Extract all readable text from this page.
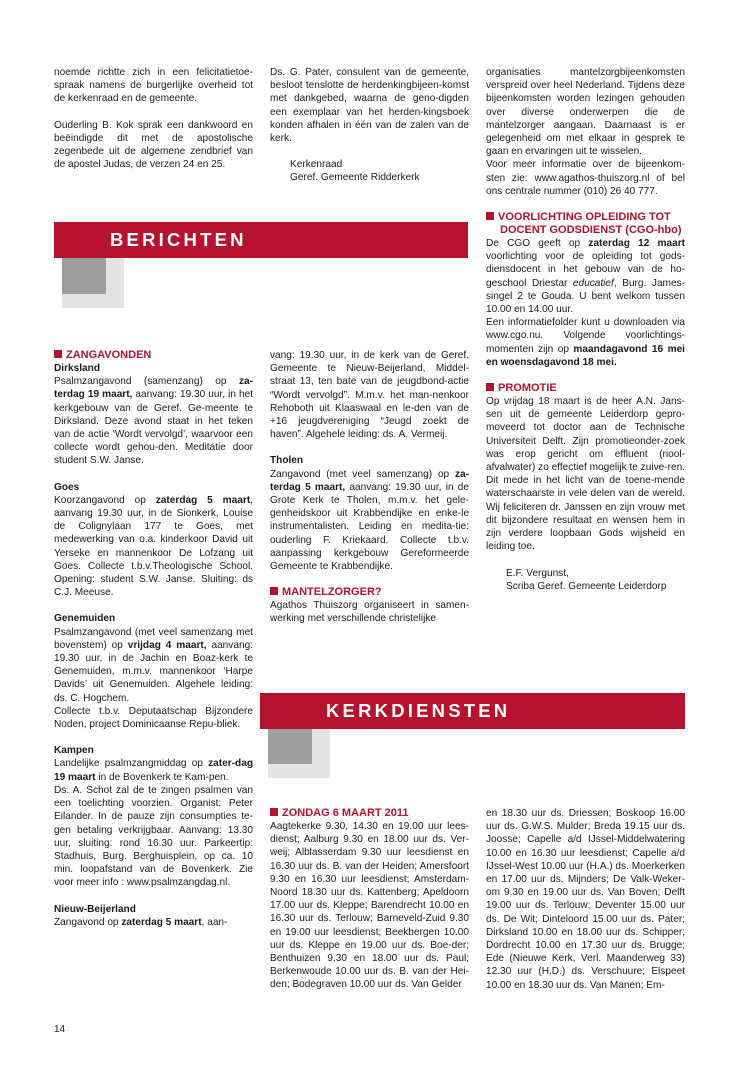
noemde richtte zich in een felicitatietoe-spraak namens de burgerlijke overheid tot de kerkenraad en de gemeente.

Ouderling B. Kok sprak een dankwoord en beëindigde dit met de apostolische zegenbede uit de algemene zendbrief van de apostel Judas, de verzen 24 en 25.

Ds. G. Pater, consulent van de gemeente, besloot tenslotte de herdenkingbijeen-komst met dankgebed, waarna de geno-digden een exemplaar van het herden-kingsboek konden afhalen in één van de zalen van de kerk.

Kerkenraad

Geref. Gemeente Ridderkerk

organisaties mantelzorgbijeenkomsten verspreid over heel Nederland. Tijdens deze bijeenkomsten worden lezingen gehouden over diverse onderwerpen die de mantelzorger aangaan. Daarnaast is er gelegenheid om met elkaar in gesprek te gaan en ervaringen uit te wisselen.

Voor meer informatie over de bijeenkom-sten zie: www.agathos-thuiszorg.nl of bel ons centrale nummer (010) 26 40 777.

VOORLICHTING OPLEIDING TOT DOCENT GODSDIENST (CGO-hbo)

De CGO geeft op zaterdag 12 maart voorlichting voor de opleiding tot gods-diensdocent in het gebouw van de ho-geschool Driestar educatief, Burg. James-singel 2 te Gouda. U bent welkom tussen 10.00 en 14.00 uur.

Een informatiefolder kunt u downloaden via www.cgo.nu. Volgende voorlichtings-momenten zijn op maandagavond 16 mei en woensdagavond 18 mei.

PROMOTIE

Op vrijdag 18 maart is de heer A.N. Jans-sen uit de gemeente Leiderdorp gepro-moveerd tot doctor aan de Technische Universiteit Delft. Zijn promotieonder-zoek was erop gericht om effluent (riool-afvalwater) zo effectief mogelijk te zuive-ren. Dit mede in het licht van de toene-mende waterschaarste in vele delen van de wereld. Wij feliciteren dr. Janssen en zijn vrouw met dit bijzondere resultaat en wensen hem in zijn verdere loopbaan Gods wijsheid en leiding toe.

E.F. Vergunst,

Scriba Geref. Gemeente Leiderdorp

BERICHTEN

ZANGAVONDEN

Dirksland

Psalmzangavond (samenzang) op za-terdag 19 maart, aanvang: 19.30 uur, in het kerkgebouw van de Geref. Ge-meente te Dirksland. Deze avond staat in het teken van de actie ‘Wordt vervolgd’, waarvoor een collecte wordt gehou-den. Meditatie door student S.W. Janse.

Goes

Koorzangavond op zaterdag 5 maart, aanvang 19.30 uur, in de Sionkerk, Louise de Colignylaan 177 te Goes, met medewerking van o.a. kinderkoor David uit Yerseke en mannenkoor De Lofzang uit Goes. Collecte t.b.v.Theologische School. Opening: student S.W. Janse. Sluiting: ds C.J. Meeuse.

Genemuiden

Psalmzangavond (met veel samenzang met bovenstem) op vrijdag 4 maart, aanvang: 19.30 uur, in de Jachin en Boaz-kerk te Genemuiden, m.m.v. mannenkoor ‘Harpe Davids’ uit Genemuiden. Algehele leiding: ds. C. Hogchem.

Collecte t.b.v. Deputaatschap Bijzondere Noden, project Dominicaanse Repu-bliek.

Kampen

Landelijke psalmzangmiddag op zater-dag 19 maart in de Bovenkerk te Kam-pen.

Ds. A. Schot zal de te zingen psalmen van een toelichting voorzien. Organist: Peter Eilander. In de pauze zijn consumpties te-gen betaling verkrijgbaar. Aanvang: 13.30 uur, sluiting: rond 16.30 uur. Parkeertip: Stadhuis, Burg. Berghuisplein, op ca. 10 min. loopafstand van de Bovenkerk. Zie voor meer info : www.psalmzangdag.nl.

Nieuw-Beijerland

Zangavond op zaterdag 5 maart, aan-

vang: 19.30 uur, in de kerk van de Geref. Gemeente te Nieuw-Beijerland, Middel-straat 13, ten bate van de jeugdbond-actie “Wordt vervolgd”. M.m.v. het man-nenkoor Rehoboth uit Klaaswaal en le-den van de +16 jeugdvereniging “Jeugd zoekt de haven”. Algehele leiding: ds. A. Vermeij.

Tholen

Zangavond (met veel samenzang) op za-terdag 5 maart, aanvang: 19.30 uur, in de Grote Kerk te Tholen, m.m.v. het gele-genheidskoor uit Krabbendijke en enke-le instrumentalisten. Leiding en medita-tie: ouderling F. Kriekaard. Collecte t.b.v. aanpassing kerkgebouw Gereformeerde Gemeente te Krabbendijke.

MANTELZORGER?

Agathos Thuiszorg organiseert in samen-werking met verschillende christelijke

KERKDIENSTEN

ZONDAG 6 MAART 2011

Aagtekerke 9.30, 14.30 en 19.00 uur lees-dienst; Aalburg 9.30 en 18.00 uur ds. Ver-weij; Alblasserdam 9.30 uur leesdienst en 16.30 uur ds. B. van der Heiden; Amersfoort 9.30 en 16.30 uur leesdienst; Amsterdam-Noord 18.30 uur ds. Kattenberg; Apeldoorn 17.00 uur ds. Kleppe; Barendrecht 10.00 en 16.30 uur ds. Terlouw; Barneveld-Zuid 9.30 en 19.00 uur leesdienst; Beekbergen 10.00 uur ds. Kleppe en 19.00 uur ds. Boe-der; Benthuizen 9.30 en 18.00 uur ds. Paul; Berkenwoude 10.00 uur ds. B. van der Hei-den; Bodegraven 10.00 uur ds. Van Gelder

en 18.30 uur ds. Driessen; Boskoop 16.00 uur ds. G.W.S. Mulder; Breda 19.15 uur ds. Joosse; Capelle a/d IJssel-Middelwatering 10.00 en 16.30 uur leesdienst; Capelle a/d IJssel-West 10.00 uur (H.A.) ds. Moerkerken en 17.00 uur ds. Mijnders; De Valk-Weker-om 9.30 en 19.00 uur ds. Van Boven; Delft 19.00 uur ds. Terlouw; Deventer 15.00 uur ds. De Wit; Dinteloord 15.00 uur ds. Pater; Dirksland 10.00 en 18.00 uur ds. Schipper; Dordrecht 10.00 en 17.30 uur ds. Brugge; Ede (Nieuwe Kerk, Verl. Maanderweg 33) 12.30 uur (H.D.) ds. Verschuure; Elspeet 10.00 en 18.30 uur ds. Van Manen; Em-

14
